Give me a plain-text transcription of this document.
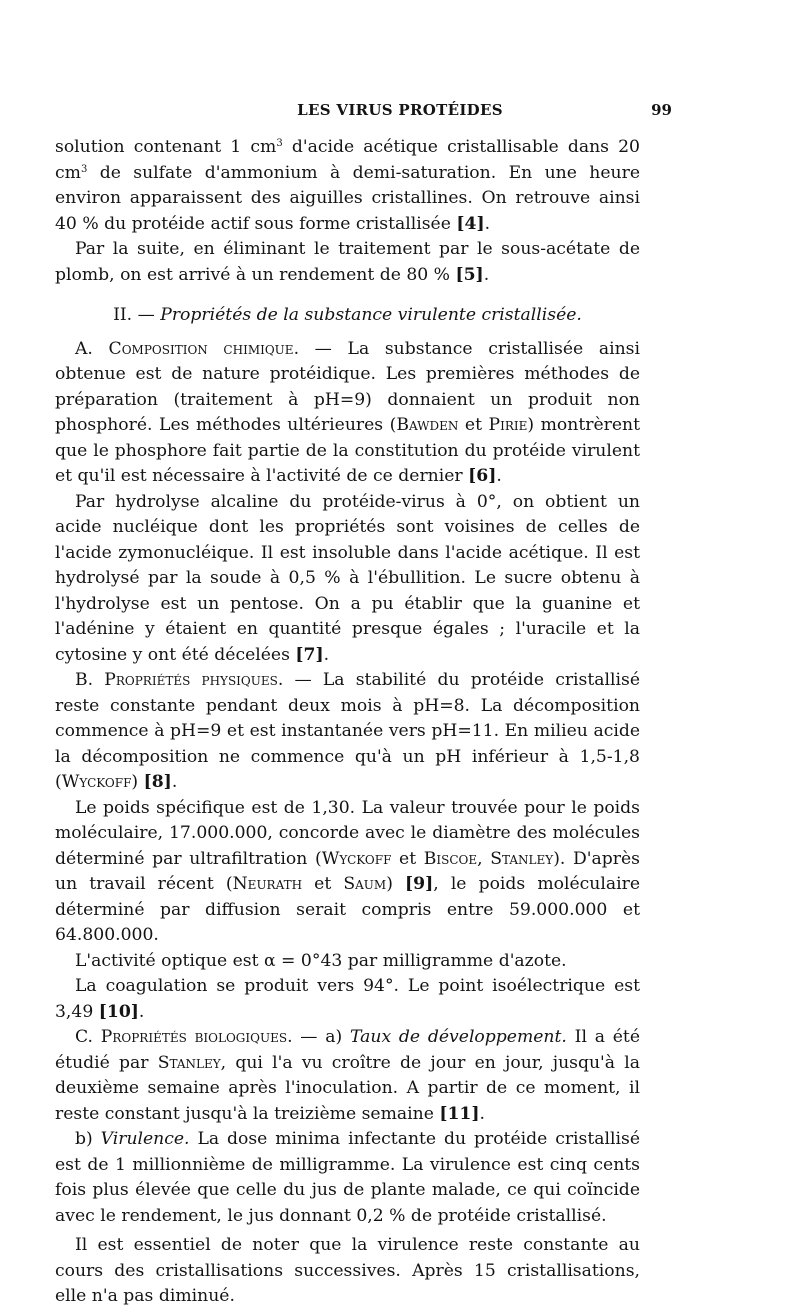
LES VIRUS PROTÉIDES	99

solution contenant 1 $cm^3$ d'acide acétique cristallisable dans 20 $cm^3$ de sulfate d'ammonium à demi-saturation. En une heure environ apparaissent des aiguilles cristallines. On retrouve ainsi 40 % du protéide actif sous forme cristallisée [4].

Par la suite, en éliminant le traitement par le sous-acétate de plomb, on est arrivé à un rendement de 80 % [5].

II. — Propriétés de la substance virulente cristallisée.

A. Composition chimique. — La substance cristallisée ainsi obtenue est de nature protéidique. Les premières méthodes de préparation (traitement à pH=9) donnaient un produit non phosphoré. Les méthodes ultérieures (Bawden et Pirie) montrèrent que le phosphore fait partie de la constitution du protéide virulent et qu'il est nécessaire à l'activité de ce dernier [6].

Par hydrolyse alcaline du protéide-virus à 0°, on obtient un acide nucléique dont les propriétés sont voisines de celles de l'acide zymonucléique. Il est insoluble dans l'acide acétique. Il est hydrolysé par la soude à 0,5 % à l'ébullition. Le sucre obtenu à l'hydrolyse est un pentose. On a pu établir que la guanine et l'adénine y étaient en quantité presque égales ; l'uracile et la cytosine y ont été décelées [7].

B. Propriétés physiques. — La stabilité du protéide cristallisé reste constante pendant deux mois à pH=8. La décomposition commence à pH=9 et est instantanée vers pH=11. En milieu acide la décomposition ne commence qu'à un pH inférieur à 1,5-1,8 (Wyckoff) [8].

Le poids spécifique est de 1,30. La valeur trouvée pour le poids moléculaire, 17.000.000, concorde avec le diamètre des molécules déterminé par ultrafiltration (Wyckoff et Biscoe, Stanley). D'après un travail récent (Neurath et Saum) [9], le poids moléculaire déterminé par diffusion serait compris entre 59.000.000 et 64.800.000.

L'activité optique est α = 0°43 par milligramme d'azote.

La coagulation se produit vers 94°. Le point isoélectrique est 3,49 [10].

C. Propriétés biologiques. — a) Taux de développement. Il a été étudié par Stanley, qui l'a vu croître de jour en jour, jusqu'à la deuxième semaine après l'inoculation. A partir de ce moment, il reste constant jusqu'à la treizième semaine [11].

b) Virulence. La dose minima infectante du protéide cristallisé est de 1 millionnième de milligramme. La virulence est cinq cents fois plus élevée que celle du jus de plante malade, ce qui coïncide avec le rendement, le jus donnant 0,2 % de protéide cristallisé.

Il est essentiel de noter que la virulence reste constante au cours des cristallisations successives. Après 15 cristallisations, elle n'a pas diminué.
